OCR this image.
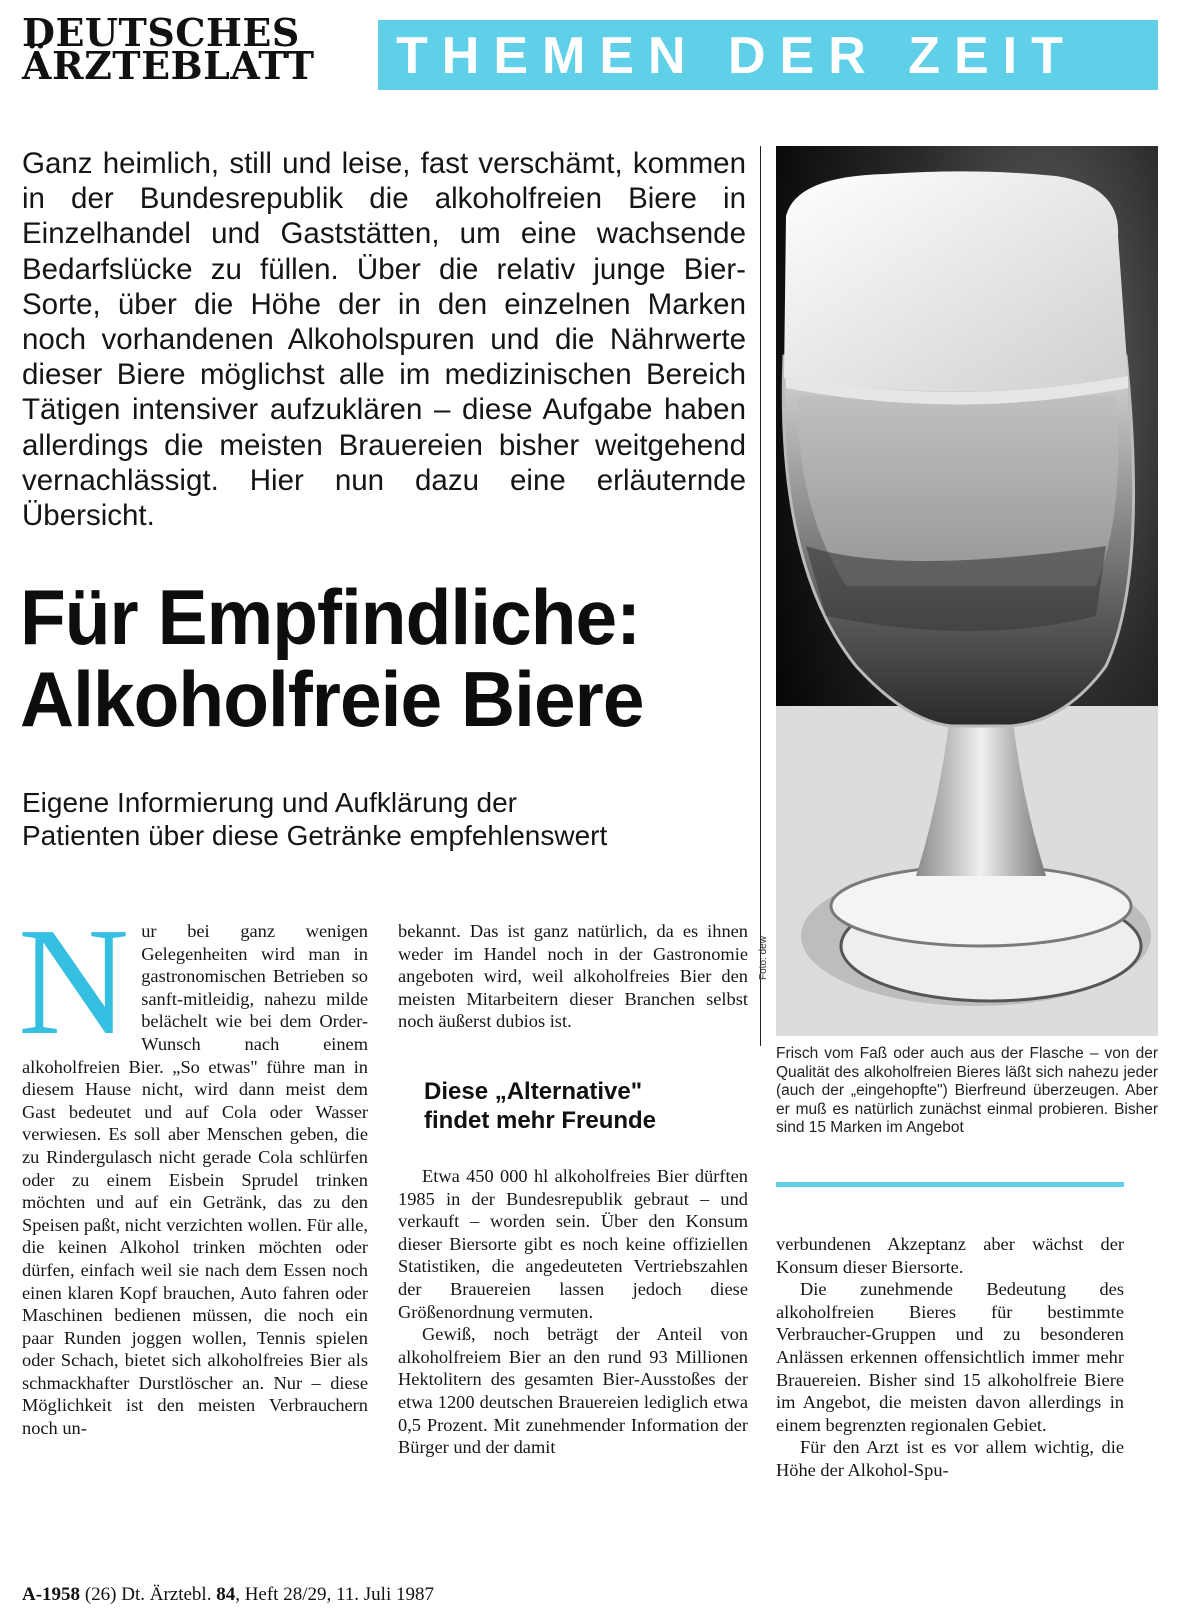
DEUTSCHES
ÄRZTEBLATT	THEMEN DER ZEIT

Ganz heimlich, still und leise, fast verschämt, kommen in der Bundesrepublik die alkoholfreien Biere in Einzelhandel und Gaststätten, um eine wachsende Bedarfslücke zu füllen. Über die relativ junge Bier-Sorte, über die Höhe der in den einzelnen Marken noch vorhandenen Alkoholspuren und die Nährwerte dieser Biere möglichst alle im medizinischen Bereich Tätigen intensiver aufzuklären – diese Aufgabe haben allerdings die meisten Brauereien bisher weitgehend vernachlässigt. Hier nun dazu eine erläuternde Übersicht.

Für Empfindliche:
Alkoholfreie Biere
Eigene Informierung und Aufklärung der
Patienten über diese Getränke empfehlenswert
Foto: dew

Frisch vom Faß oder auch aus der Flasche – von der Qualität des alkoholfreien Bieres läßt sich nahezu jeder (auch der „eingehopfte") Bierfreund überzeugen. Aber er muß es natürlich zunächst einmal probieren. Bisher sind 15 Marken im Angebot

N ur bei ganz wenigen Gelegenheiten wird man in gastronomischen Betrieben so sanft-mitleidig, nahezu milde belächelt wie bei dem Order-Wunsch nach einem alkoholfreien Bier. „So etwas" führe man in diesem Hause nicht, wird dann meist dem Gast bedeutet und auf Cola oder Wasser verwiesen. Es soll aber Menschen geben, die zu Rindergulasch nicht gerade Cola schlürfen oder zu einem Eisbein Sprudel trinken möchten und auf ein Getränk, das zu den Speisen paßt, nicht verzichten wollen. Für alle, die keinen Alkohol trinken möchten oder dürfen, einfach weil sie nach dem Essen noch einen klaren Kopf brauchen, Auto fahren oder Maschinen bedienen müssen, die noch ein paar Runden joggen wollen, Tennis spielen oder Schach, bietet sich alkoholfreies Bier als schmackhafter Durstlöscher an. Nur – diese Möglichkeit ist den meisten Verbrauchern noch un-

bekannt. Das ist ganz natürlich, da es ihnen weder im Handel noch in der Gastronomie angeboten wird, weil alkoholfreies Bier den meisten Mitarbeitern dieser Branchen selbst noch äußerst dubios ist.

Diese „Alternative"
findet mehr Freunde

Etwa 450 000 hl alkoholfreies Bier dürften 1985 in der Bundesrepublik gebraut – und verkauft – worden sein. Über den Konsum dieser Biersorte gibt es noch keine offiziellen Statistiken, die angedeuteten Vertriebszahlen der Brauereien lassen jedoch diese Größenordnung vermuten.

Gewiß, noch beträgt der Anteil von alkoholfreiem Bier an den rund 93 Millionen Hektolitern des gesamten Bier-Ausstoßes der etwa 1200 deutschen Brauereien lediglich etwa 0,5 Prozent. Mit zunehmender Information der Bürger und der damit

verbundenen Akzeptanz aber wächst der Konsum dieser Biersorte.

Die zunehmende Bedeutung des alkoholfreien Bieres für bestimmte Verbraucher-Gruppen und zu besonderen Anlässen erkennen offensichtlich immer mehr Brauereien. Bisher sind 15 alkoholfreie Biere im Angebot, die meisten davon allerdings in einem begrenzten regionalen Gebiet.

Für den Arzt ist es vor allem wichtig, die Höhe der Alkohol-Spu-

A-1958 (26) Dt. Ärztebl. 84, Heft 28/29, 11. Juli 1987
